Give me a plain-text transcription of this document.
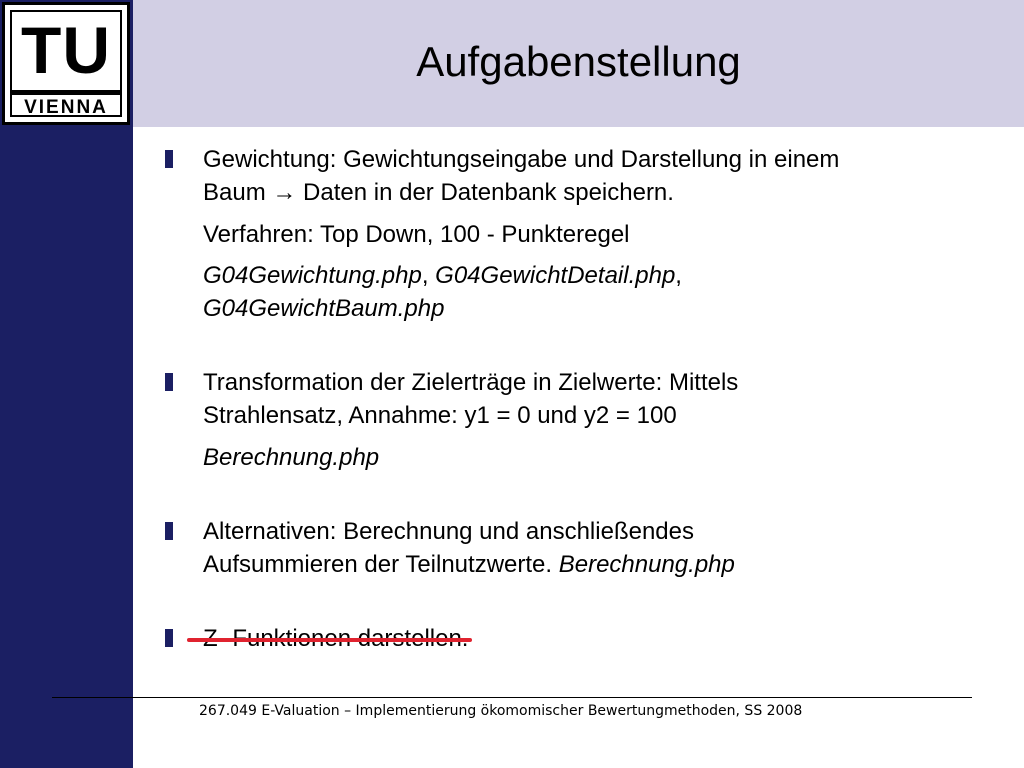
TU
VIENNA
Aufgabenstellung
Gewichtung: Gewichtungseingabe und Darstellung in einem
Baum → Daten in der Datenbank speichern.
Verfahren: Top Down, 100 - Punkteregel
G04Gewichtung.php, G04GewichtDetail.php,
G04GewichtBaum.php
Transformation der Zielerträge in Zielwerte: Mittels
Strahlensatz, Annahme: y1 = 0 und y2 = 100
Berechnung.php
Alternativen: Berechnung und anschließendes
Aufsummieren der Teilnutzwerte. Berechnung.php
267.049 E-Valuation – Implementierung ökomomischer Bewertungmethoden, SS 2008
